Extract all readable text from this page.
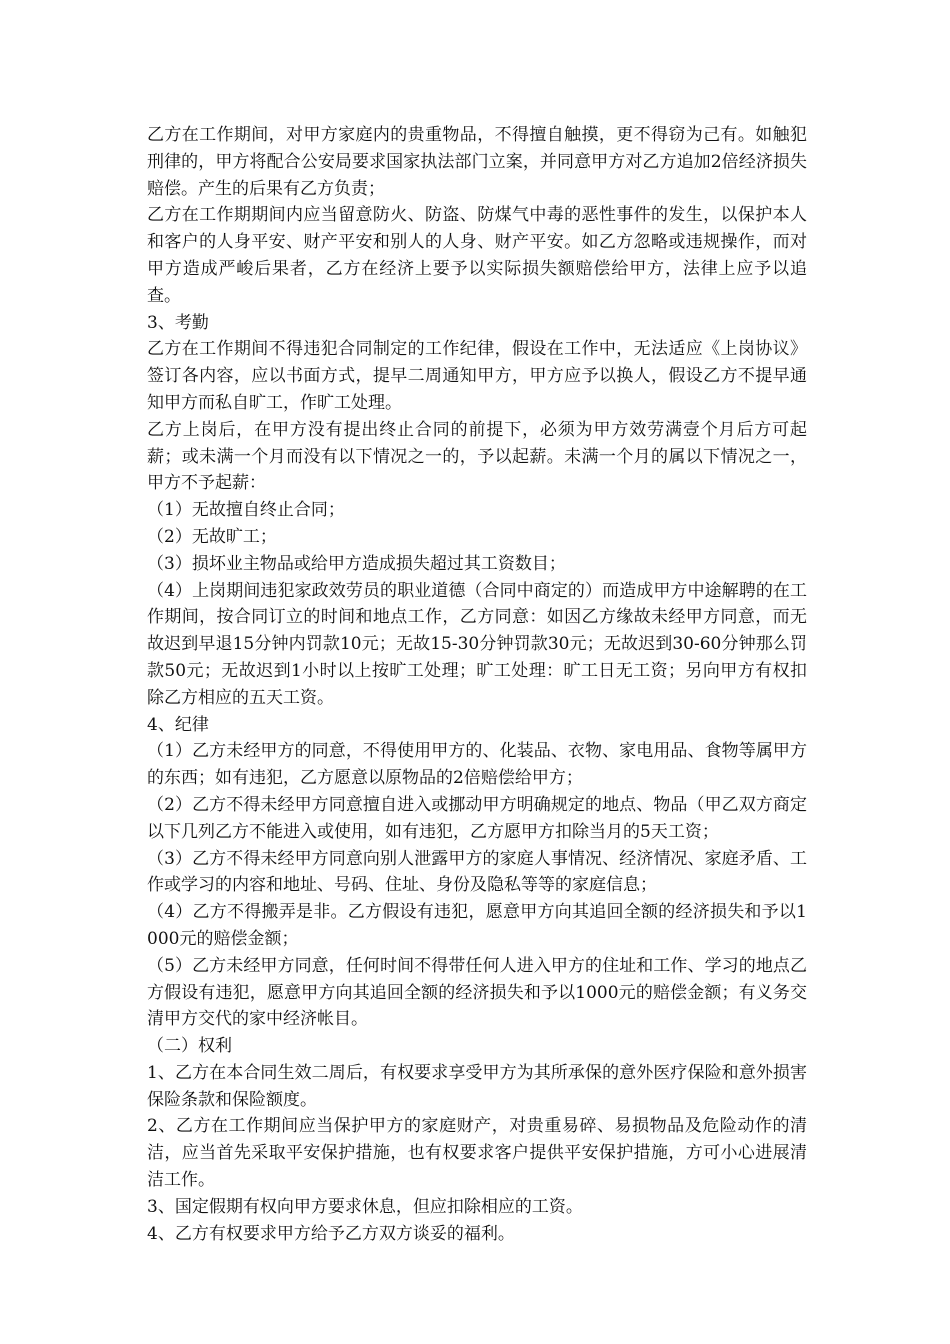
乙方在工作期间，对甲方家庭内的贵重物品，不得擅自触摸，更不得窃为己有。如触犯刑律的，甲方将配合公安局要求国家执法部门立案，并同意甲方对乙方追加2倍经济损失赔偿。产生的后果有乙方负责；

乙方在工作期期间内应当留意防火、防盗、防煤气中毒的恶性事件的发生，以保护本人和客户的人身平安、财产平安和别人的人身、财产平安。如乙方忽略或违规操作，而对甲方造成严峻后果者，乙方在经济上要予以实际损失额赔偿给甲方，法律上应予以追查。

3、考勤

乙方在工作期间不得违犯合同制定的工作纪律，假设在工作中，无法适应《上岗协议》签订各内容，应以书面方式，提早二周通知甲方，甲方应予以换人，假设乙方不提早通知甲方而私自旷工，作旷工处理。

乙方上岗后，在甲方没有提出终止合同的前提下，必须为甲方效劳满壹个月后方可起薪；或未满一个月而没有以下情况之一的，予以起薪。未满一个月的属以下情况之一，甲方不予起薪：

（1）无故擅自终止合同；

（2）无故旷工；

（3）损坏业主物品或给甲方造成损失超过其工资数目；

（4）上岗期间违犯家政效劳员的职业道德（合同中商定的）而造成甲方中途解聘的在工作期间，按合同订立的时间和地点工作，乙方同意：如因乙方缘故未经甲方同意，而无故迟到早退15分钟内罚款10元；无故15-30分钟罚款30元；无故迟到30-60分钟那么罚款50元；无故迟到1小时以上按旷工处理；旷工处理：旷工日无工资；另向甲方有权扣除乙方相应的五天工资。

4、纪律

（1）乙方未经甲方的同意，不得使用甲方的、化装品、衣物、家电用品、食物等属甲方的东西；如有违犯，乙方愿意以原物品的2倍赔偿给甲方；

（2）乙方不得未经甲方同意擅自进入或挪动甲方明确规定的地点、物品（甲乙双方商定以下几列乙方不能进入或使用，如有违犯，乙方愿甲方扣除当月的5天工资；

（3）乙方不得未经甲方同意向别人泄露甲方的家庭人事情况、经济情况、家庭矛盾、工作或学习的内容和地址、号码、住址、身份及隐私等等的家庭信息；

（4）乙方不得搬弄是非。乙方假设有违犯，愿意甲方向其追回全额的经济损失和予以1000元的赔偿金额；

（5）乙方未经甲方同意，任何时间不得带任何人进入甲方的住址和工作、学习的地点乙方假设有违犯，愿意甲方向其追回全额的经济损失和予以1000元的赔偿金额；有义务交清甲方交代的家中经济帐目。

（二）权利

1、乙方在本合同生效二周后，有权要求享受甲方为其所承保的意外医疗保险和意外损害保险条款和保险额度。

2、乙方在工作期间应当保护甲方的家庭财产，对贵重易碎、易损物品及危险动作的清洁，应当首先采取平安保护措施，也有权要求客户提供平安保护措施，方可小心进展清洁工作。

3、国定假期有权向甲方要求休息，但应扣除相应的工资。

4、乙方有权要求甲方给予乙方双方谈妥的福利。
